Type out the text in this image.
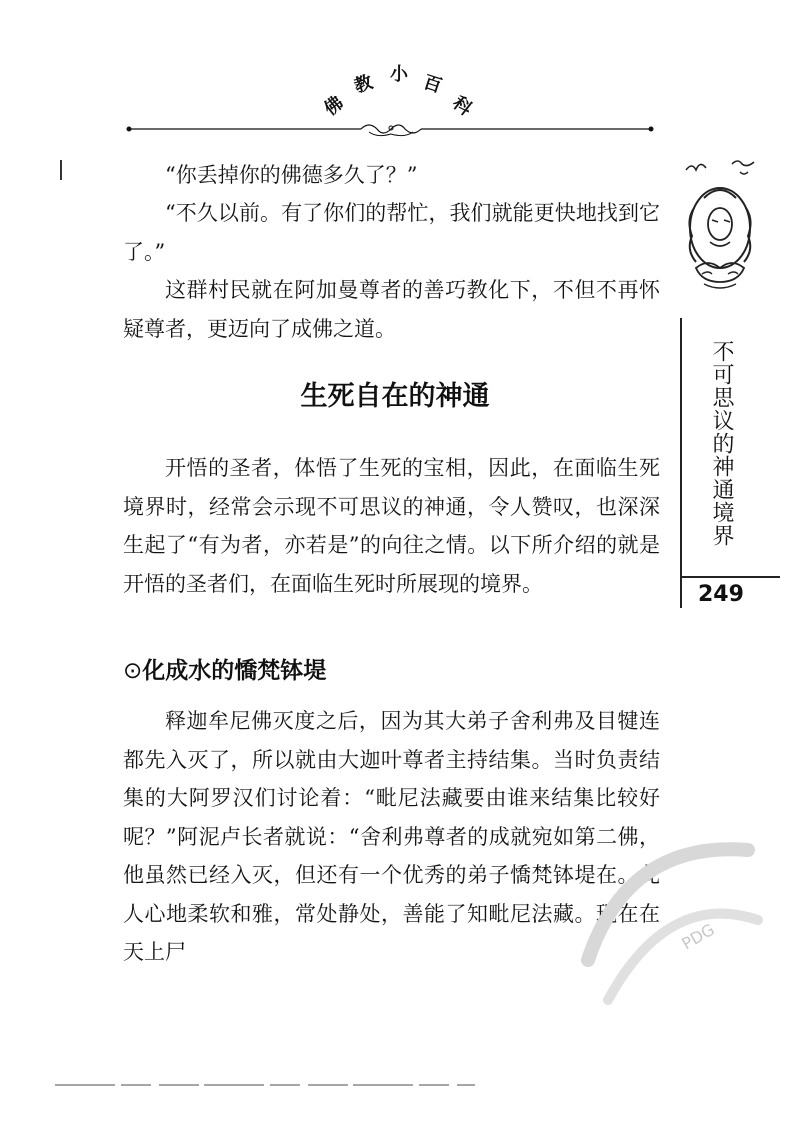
佛
教 小 百
科
不可思议的神通境界
249

“你丢掉你的佛德多久了？”

“不久以前。有了你们的帮忙，我们就能更快地找到它了。”

这群村民就在阿加曼尊者的善巧教化下，不但不再怀疑尊者，更迈向了成佛之道。

生死自在的神通

开悟的圣者，体悟了生死的宝相，因此，在面临生死境界时，经常会示现不可思议的神通，令人赞叹，也深深生起了“有为者，亦若是”的向往之情。以下所介绍的就是开悟的圣者们，在面临生死时所展现的境界。

⊙化成水的憍梵钵堤

释迦牟尼佛灭度之后，因为其大弟子舍利弗及目犍连都先入灭了，所以就由大迦叶尊者主持结集。当时负责结集的大阿罗汉们讨论着：“毗尼法藏要由谁来结集比较好呢？”阿泥卢长者就说：“舍利弗尊者的成就宛如第二佛，他虽然已经入灭，但还有一个优秀的弟子憍梵钵堤在。此人心地柔软和雅，常处静处，善能了知毗尼法藏。现在在天上尸	PDG
